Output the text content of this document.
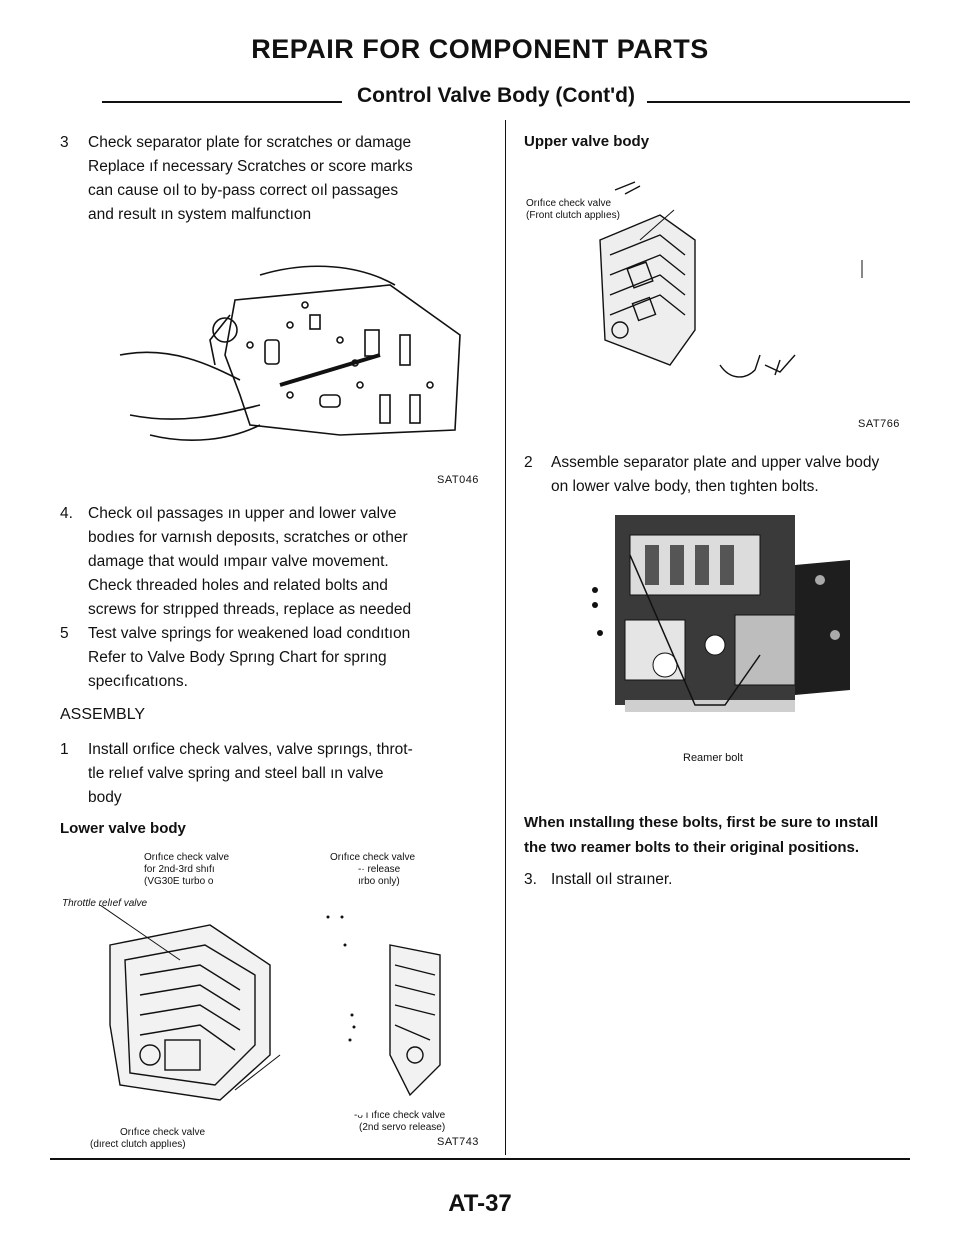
REPAIR FOR COMPONENT PARTS
Control Valve Body (Cont'd)
3 Check separator plate for scratches or damage
Replace ıf necessary Scratches or score marks
can cause oıl to by-pass correct oıl passages
and result ın system malfunctıon
SAT046
4. Check oıl passages ın upper and lower valve
bodıes for varnısh deposıts, scratches or other
damage that would ımpaır valve movement.
Check threaded holes and related bolts and
screws for strıpped threads, replace as needed
5 Test valve springs for weakened load condıtıon
Refer to Valve Body Sprıng Chart for sprıng
specıfıcatıons.
ASSEMBLY
1 Install orıfice check valves, valve sprıngs, throt-
tle relıef valve spring and steel ball ın valve
body
Lower valve body
Orıfıce check valve
for 2nd-3rd shıfı
(VG30E turbo o
Orıfıce check valve
-· release
ırbo only)
Throttle relıef valve
-ᴗ ı ıfıce check valve
(2nd servo release)
Orıfıce check valve
(dırect clutch applıes)	SAT743
Upper valve body
Orıfıce check valve
(Front clutch applıes)
SAT766
2 Assemble separator plate and upper valve body
on lower valve body, then tıghten bolts.
Reamer bolt
When ınstallıng these bolts, first be sure to ınstall
the two reamer bolts to their original positions.
3. Install oıl straıner.
AT-37
